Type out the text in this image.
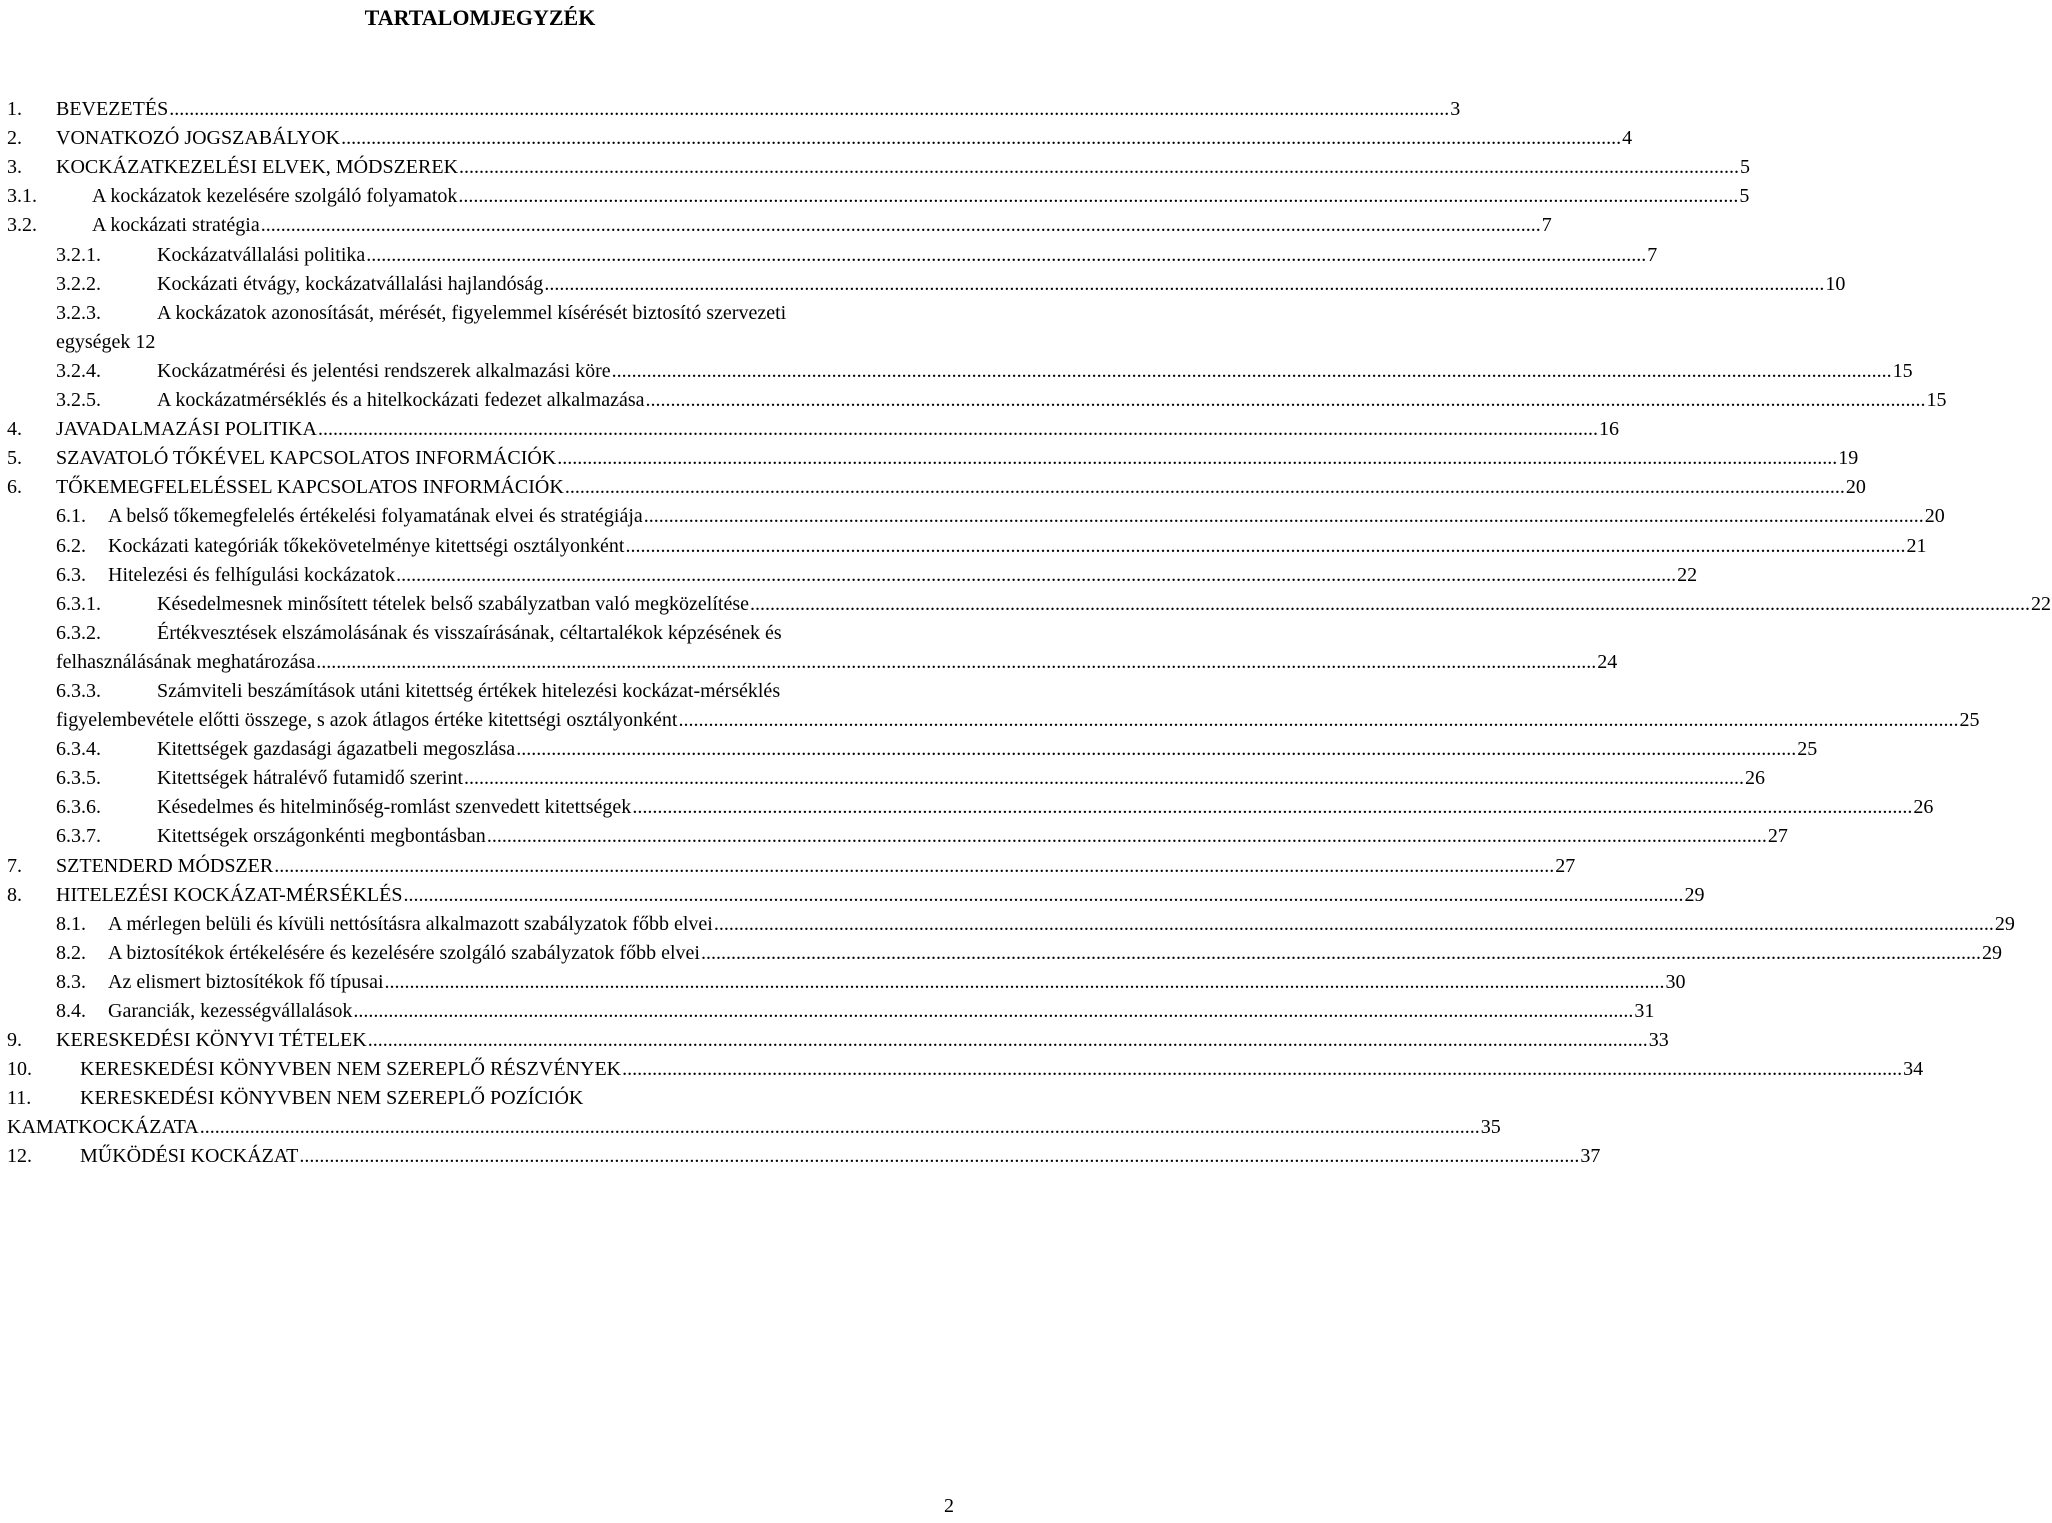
TARTALOMJEGYZÉK
1. BEVEZETÉS .....	3
2. VONATKOZÓ JOGSZABÁLYOK .....	4
3. KOCKÁZATKEZELÉSI ELVEK, MÓDSZEREK .....	5
3.1.	A kockázatok kezelésére szolgáló folyamatok .....	5
3.2.	A kockázati stratégia .....	7
3.2.1.	Kockázatvállalási politika .....	7
3.2.2.	Kockázati étvágy, kockázatvállalási hajlandóság .....	10
3.2.3.	A kockázatok azonosítását, mérését, figyelemmel kísérését biztosító szervezeti
egységek 12
3.2.4.	Kockázatmérési és jelentési rendszerek alkalmazási köre .....	15
3.2.5.	A kockázatmérséklés és a hitelkockázati fedezet alkalmazása .....	15
4. JAVADALMAZÁSI POLITIKA .....	16
5. SZAVATOLÓ TŐKÉVEL KAPCSOLATOS INFORMÁCIÓK .....	19
6. TŐKEMEGFELELÉSSEL KAPCSOLATOS INFORMÁCIÓK .....	20
6.1. A belső tőkemegfelelés értékelési folyamatának elvei és stratégiája .....	20
6.2. Kockázati kategóriák tőkekövetelménye kitettségi osztályonként .....	21
6.3. Hitelezési és felhígulási kockázatok .....	22
6.3.1.	Késedelmesnek minősített tételek belső szabályzatban való megközelítése .....	22
6.3.2.	Értékvesztések elszámolásának és visszaírásának, céltartalékok képzésének és
felhasználásának meghatározása .....	24
6.3.3.	Számviteli beszámítások utáni kitettség értékek hitelezési kockázat-mérséklés
figyelembevétele előtti összege, s azok átlagos értéke kitettségi osztályonként .....	25
6.3.4.	Kitettségek gazdasági ágazatbeli megoszlása .....	25
6.3.5.	Kitettségek hátralévő futamidő szerint .....	26
6.3.6.	Késedelmes és hitelminőség-romlást szenvedett kitettségek .....	26
6.3.7.	Kitettségek országonkénti megbontásban .....	27
7. SZTENDERD MÓDSZER .....	27
8. HITELEZÉSI KOCKÁZAT-MÉRSÉKLÉS .....	29
8.1. A mérlegen belüli és kívüli nettósításra alkalmazott szabályzatok főbb elvei .....	29
8.2. A biztosítékok értékelésére és kezelésére szolgáló szabályzatok főbb elvei .....	29
8.3. Az elismert biztosítékok fő típusai .....	30
8.4. Garanciák, kezességvállalások .....	31
9. KERESKEDÉSI KÖNYVI TÉTELEK .....	33
10. KERESKEDÉSI KÖNYVBEN NEM SZEREPLŐ RÉSZVÉNYEK .....	34
11. KERESKEDÉSI KÖNYVBEN NEM SZEREPLŐ POZÍCIÓK
KAMATKOCKÁZATA .....	35
12. MŰKÖDÉSI KOCKÁZAT .....	37
2
